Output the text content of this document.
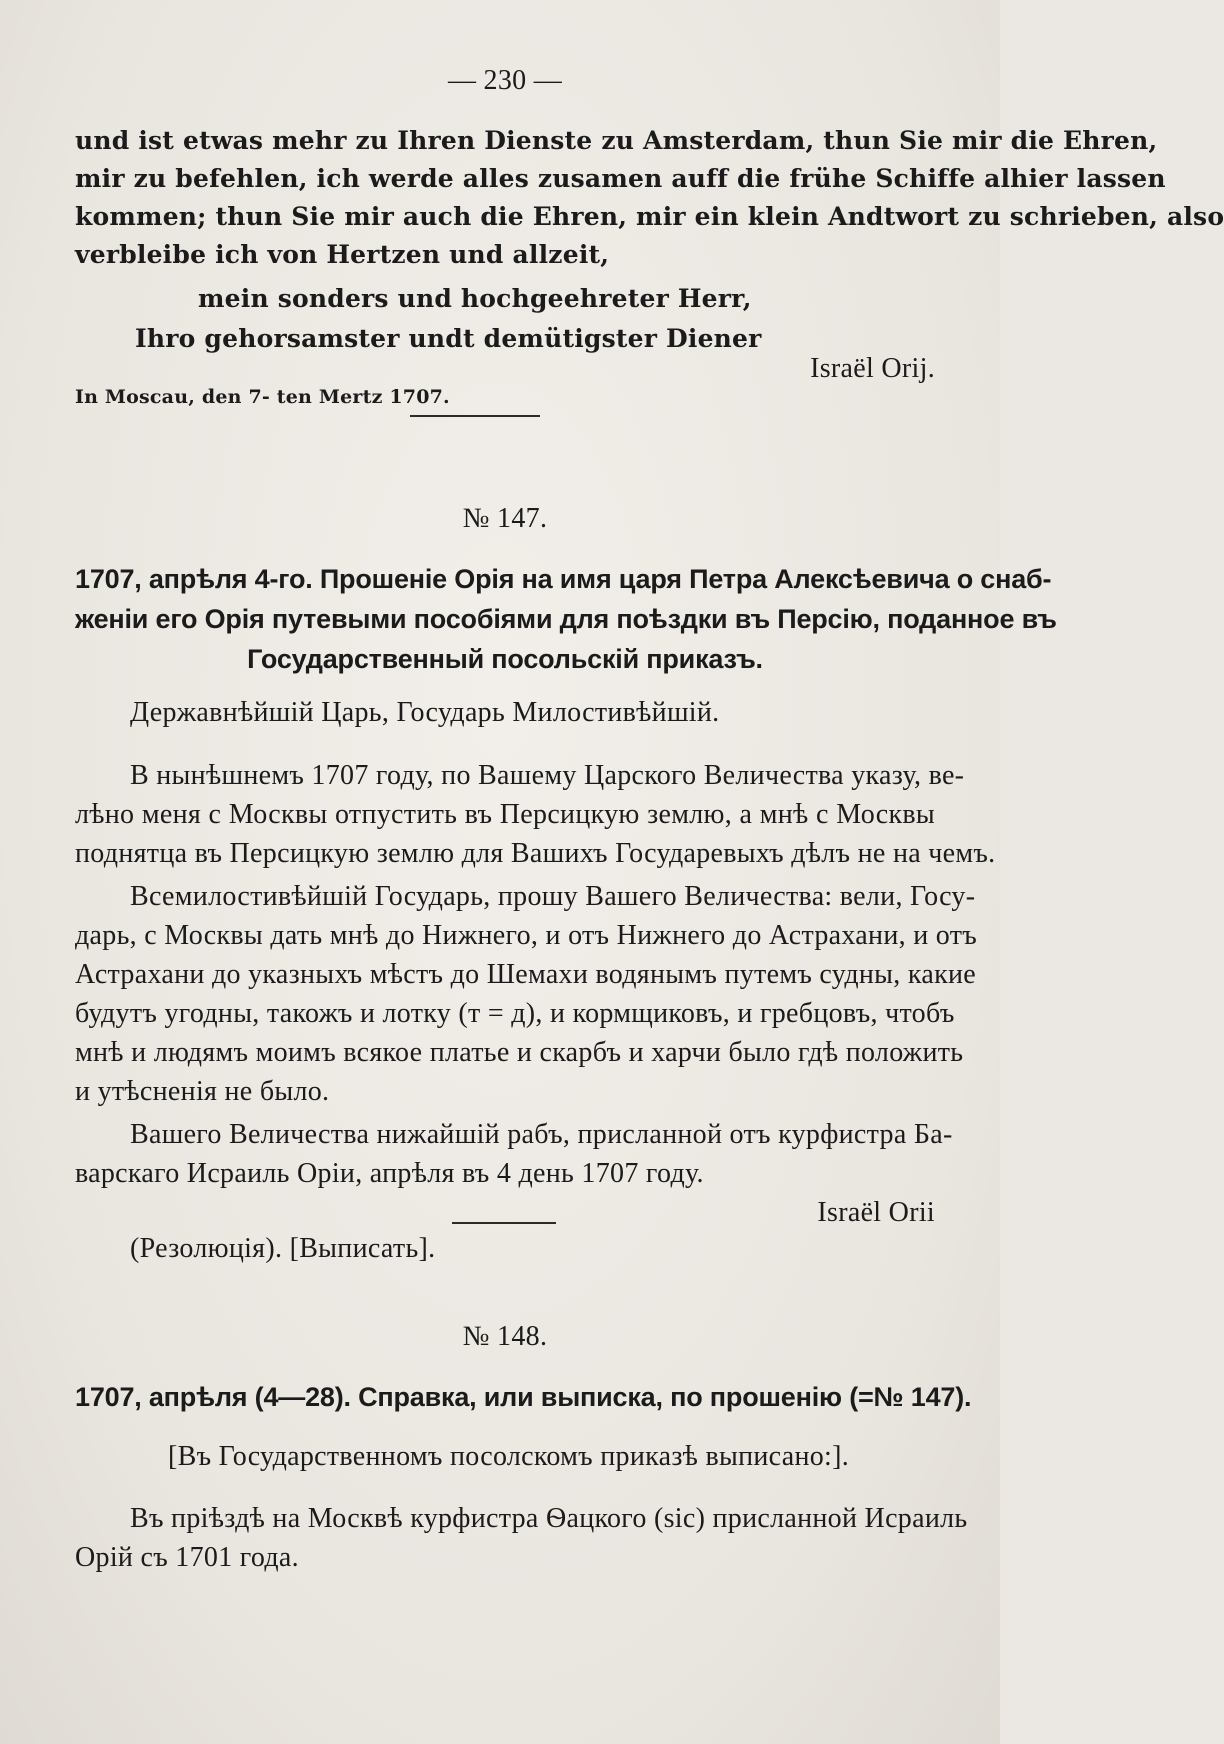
— 230 —
und ist etwas mehr zu Ihren Dienste zu Amsterdam, thun Sie mir die Ehren,
mir zu befehlen, ich werde alles zusamen auff die frühe Schiffe alhier lassen
kommen; thun Sie mir auch die Ehren, mir ein klein Andtwort zu schrieben, also
verbleibe ich von Hertzen und allzeit,
mein sonders und hochgeehreter Herr,
Ihro gehorsamster undt demütigster Diener
Israël Orij.
In Moscau, den 7- ten Mertz 1707.
№ 147.
1707, апрѣля 4-го. Прошеніе Орія на имя царя Петра Алексѣевича о снаб-
женіи его Орія путевыми пособіями для поѣздки въ Персію, поданное въ
Государственный посольскій приказъ.
Державнѣйшій Царь, Государь Милостивѣйшій.
В нынѣшнемъ 1707 году, по Вашему Царского Величества указу, ве-
лѣно меня с Москвы отпустить въ Персицкую землю, а мнѣ с Москвы
поднятца въ Персицкую землю для Вашихъ Государевыхъ дѣлъ не на чемъ.
Всемилостивѣйшій Государь, прошу Вашего Величества: вели, Госу-
дарь, с Москвы дать мнѣ до Нижнего, и отъ Нижнего до Астрахани, и отъ
Астрахани до указныхъ мѣстъ до Шемахи водянымъ путемъ судны, какие
будутъ угодны, такожъ и лотку (т = д), и кормщиковъ, и гребцовъ, чтобъ
мнѣ и людямъ моимъ всякое платье и скарбъ и харчи было гдѣ положить
и утѣсненія не было.
Вашего Величества нижайшій рабъ, присланной отъ курфистра Ба-
варскаго Исраиль Оріи, апрѣля въ 4 день 1707 году.
Israël Orii
(Резолюція). [Выписать].
№ 148.
1707, апрѣля (4—28). Справка, или выписка, по прошенію (=№ 147).
[Въ Государственномъ посолскомъ приказѣ выписано:].
Въ пріѣздѣ на Москвѣ курфистра Ѳацкого (sic) присланной Исраиль
Орій съ 1701 года.
